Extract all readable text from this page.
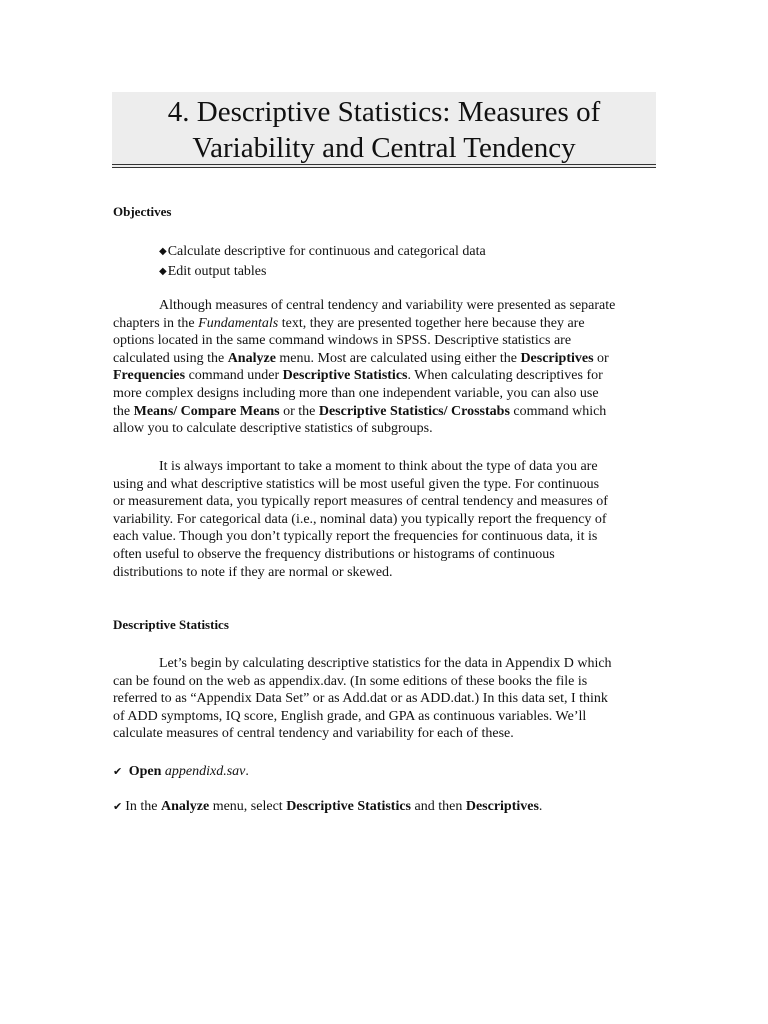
4. Descriptive Statistics: Measures of
Variability and Central Tendency
Objectives
◆Calculate descriptive for continuous and categorical data
◆Edit output tables
Although measures of central tendency and variability were presented as separate
chapters in the Fundamentals text, they are presented together here because they are
options located in the same command windows in SPSS. Descriptive statistics are
calculated using the Analyze menu. Most are calculated using either the Descriptives or
Frequencies command under Descriptive Statistics. When calculating descriptives for
more complex designs including more than one independent variable, you can also use
the Means/ Compare Means or the Descriptive Statistics/ Crosstabs command which
allow you to calculate descriptive statistics of subgroups.
It is always important to take a moment to think about the type of data you are
using and what descriptive statistics will be most useful given the type. For continuous
or measurement data, you typically report measures of central tendency and measures of
variability. For categorical data (i.e., nominal data) you typically report the frequency of
each value. Though you don’t typically report the frequencies for continuous data, it is
often useful to observe the frequency distributions or histograms of continuous
distributions to note if they are normal or skewed.
Descriptive Statistics
Let’s begin by calculating descriptive statistics for the data in Appendix D which
can be found on the web as appendix.dav. (In some editions of these books the file is
referred to as “Appendix Data Set” or as Add.dat or as ADD.dat.) In this data set, I think
of ADD symptoms, IQ score, English grade, and GPA as continuous variables. We’ll
calculate measures of central tendency and variability for each of these.
✔ Open appendixd.sav.
✔ In the Analyze menu, select Descriptive Statistics and then Descriptives.
